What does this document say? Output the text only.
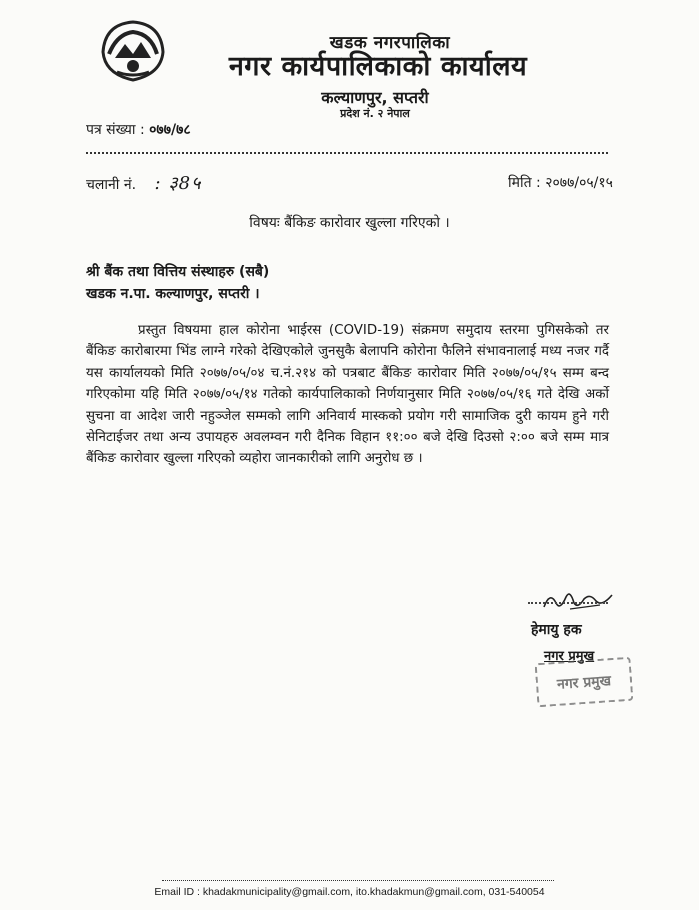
खडक नगरपालिका
नगर कार्यपालिकाको कार्यालय
कल्याणपुर, सप्तरी
प्रदेश नं. २ नेपाल
पत्र संख्या : ०७७/७८
चलानी नं. : ३8५	मिति : २०७७/०५/१५
विषयः बैंकिङ कारोवार खुल्ला गरिएको ।
श्री बैंक तथा वित्तिय संस्थाहरु (सबै)
खडक न.पा. कल्याणपुर, सप्तरी ।

प्रस्तुत विषयमा हाल कोरोना भाईरस (COVID-19) संक्रमण समुदाय स्तरमा पुगिसकेको तर बैंकिङ कारोबारमा भिंड लाग्ने गरेको देखिएकोले जुनसुकै बेलापनि कोरोना फैलिने संभावनालाई मध्य नजर गर्दै यस कार्यालयको मिति २०७७/०५/०४ च.नं.२१४ को पत्रबाट बैंकिङ कारोवार मिति २०७७/०५/१५ सम्म बन्द गरिएकोमा यहि मिति २०७७/०५/१४ गतेको कार्यपालिकाको निर्णयानुसार मिति २०७७/०५/१६ गते देखि अर्को सुचना वा आदेश जारी नहुञ्जेल सम्मको लागि अनिवार्य मास्कको प्रयोग गरी सामाजिक दुरी कायम हुने गरी सेनिटाईजर तथा अन्य उपायहरु अवलम्वन गरी दैनिक विहान ११:०० बजे देखि दिउसो २:०० बजे सम्म मात्र बैंकिङ कारोवार खुल्ला गरिएको व्यहोरा जानकारीको लागि अनुरोध छ ।

हेमायु हक
नगर प्रमुख
नगर प्रमुख
Email ID : khadakmunicipality@gmail.com, ito.khadakmun@gmail.com, 031-540054
